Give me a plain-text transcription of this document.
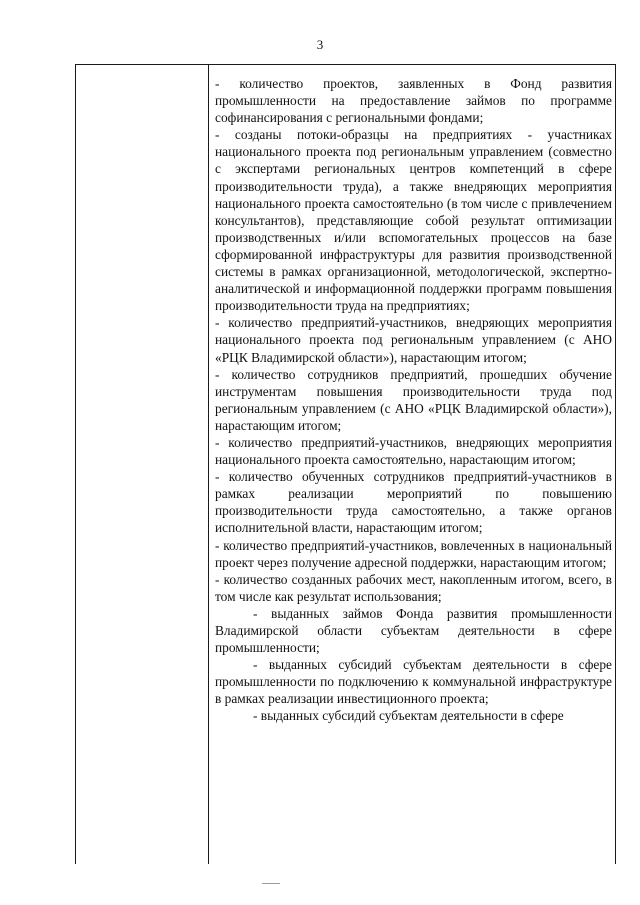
3

- количество проектов, заявленных в Фонд развития промышленности на предоставление займов по программе софинансирования с региональными фондами;

- созданы потоки-образцы на предприятиях - участниках национального проекта под региональным управлением (совместно с экспертами региональных центров компетенций в сфере производительности труда), а также внедряющих мероприятия национального проекта самостоятельно (в том числе с привлечением консультантов), представляющие собой результат оптимизации производственных и/или вспомогательных процессов на базе сформированной инфраструктуры для развития производственной системы в рамках организационной, методологической, экспертно-аналитической и информационной поддержки программ повышения производительности труда на предприятиях;

- количество предприятий-участников, внедряющих мероприятия национального проекта под региональным управлением (с АНО «РЦК Владимирской области»), нарастающим итогом;

- количество сотрудников предприятий, прошедших обучение инструментам повышения производительности труда под региональным управлением (с АНО «РЦК Владимирской области»), нарастающим итогом;

- количество предприятий-участников, внедряющих мероприятия национального проекта самостоятельно, нарастающим итогом;

- количество обученных сотрудников предприятий-участников в рамках реализации мероприятий по повышению производительности труда самостоятельно, а также органов исполнительной власти, нарастающим итогом;

- количество предприятий-участников, вовлеченных в национальный проект через получение адресной поддержки, нарастающим итогом;

- количество созданных рабочих мест, накопленным итогом, всего, в том числе как результат использования;

- выданных займов Фонда развития промышленности Владимирской области субъектам деятельности в сфере промышленности;

- выданных субсидий субъектам деятельности в сфере промышленности по подключению к коммунальной инфраструктуре в рамках реализации инвестиционного проекта;

- выданных субсидий субъектам деятельности в сфере
